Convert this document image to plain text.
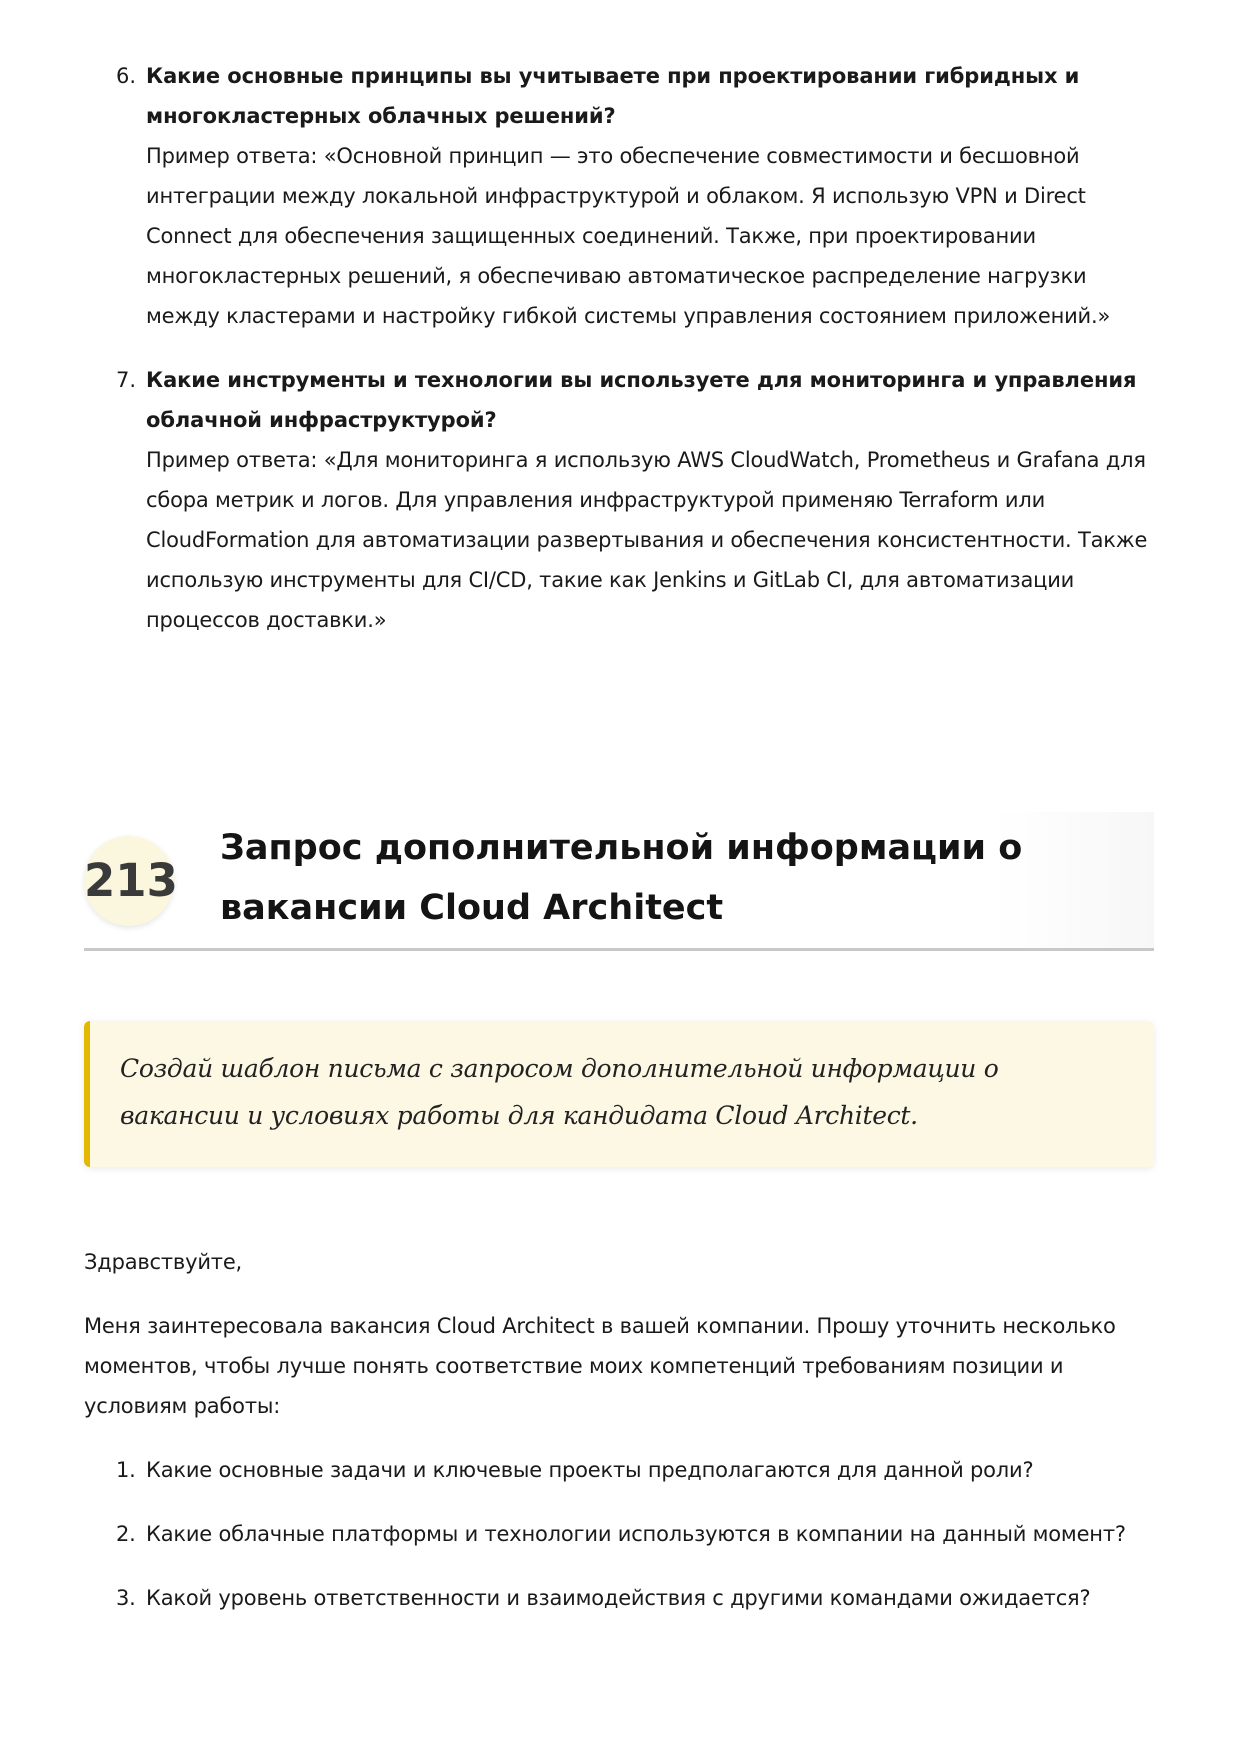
6. Какие основные принципы вы учитываете при проектировании гибридных и многокластерных облачных решений?
Пример ответа: «Основной принцип — это обеспечение совместимости и бесшовной интеграции между локальной инфраструктурой и облаком. Я использую VPN и Direct Connect для обеспечения защищенных соединений. Также, при проектировании многокластерных решений, я обеспечиваю автоматическое распределение нагрузки между кластерами и настройку гибкой системы управления состоянием приложений.»
7. Какие инструменты и технологии вы используете для мониторинга и управления облачной инфраструктурой?
Пример ответа: «Для мониторинга я использую AWS CloudWatch, Prometheus и Grafana для сбора метрик и логов. Для управления инфраструктурой применяю Terraform или CloudFormation для автоматизации развертывания и обеспечения консистентности. Также использую инструменты для CI/CD, такие как Jenkins и GitLab CI, для автоматизации процессов доставки.»
213
Запрос дополнительной информации о вакансии Cloud Architect
Создай шаблон письма с запросом дополнительной информации о вакансии и условиях работы для кандидата Cloud Architect.

Здравствуйте,

Меня заинтересовала вакансия Cloud Architect в вашей компании. Прошу уточнить несколько моментов, чтобы лучше понять соответствие моих компетенций требованиям позиции и условиям работы:

1. Какие основные задачи и ключевые проекты предполагаются для данной роли?
2. Какие облачные платформы и технологии используются в компании на данный момент?
3. Какой уровень ответственности и взаимодействия с другими командами ожидается?
